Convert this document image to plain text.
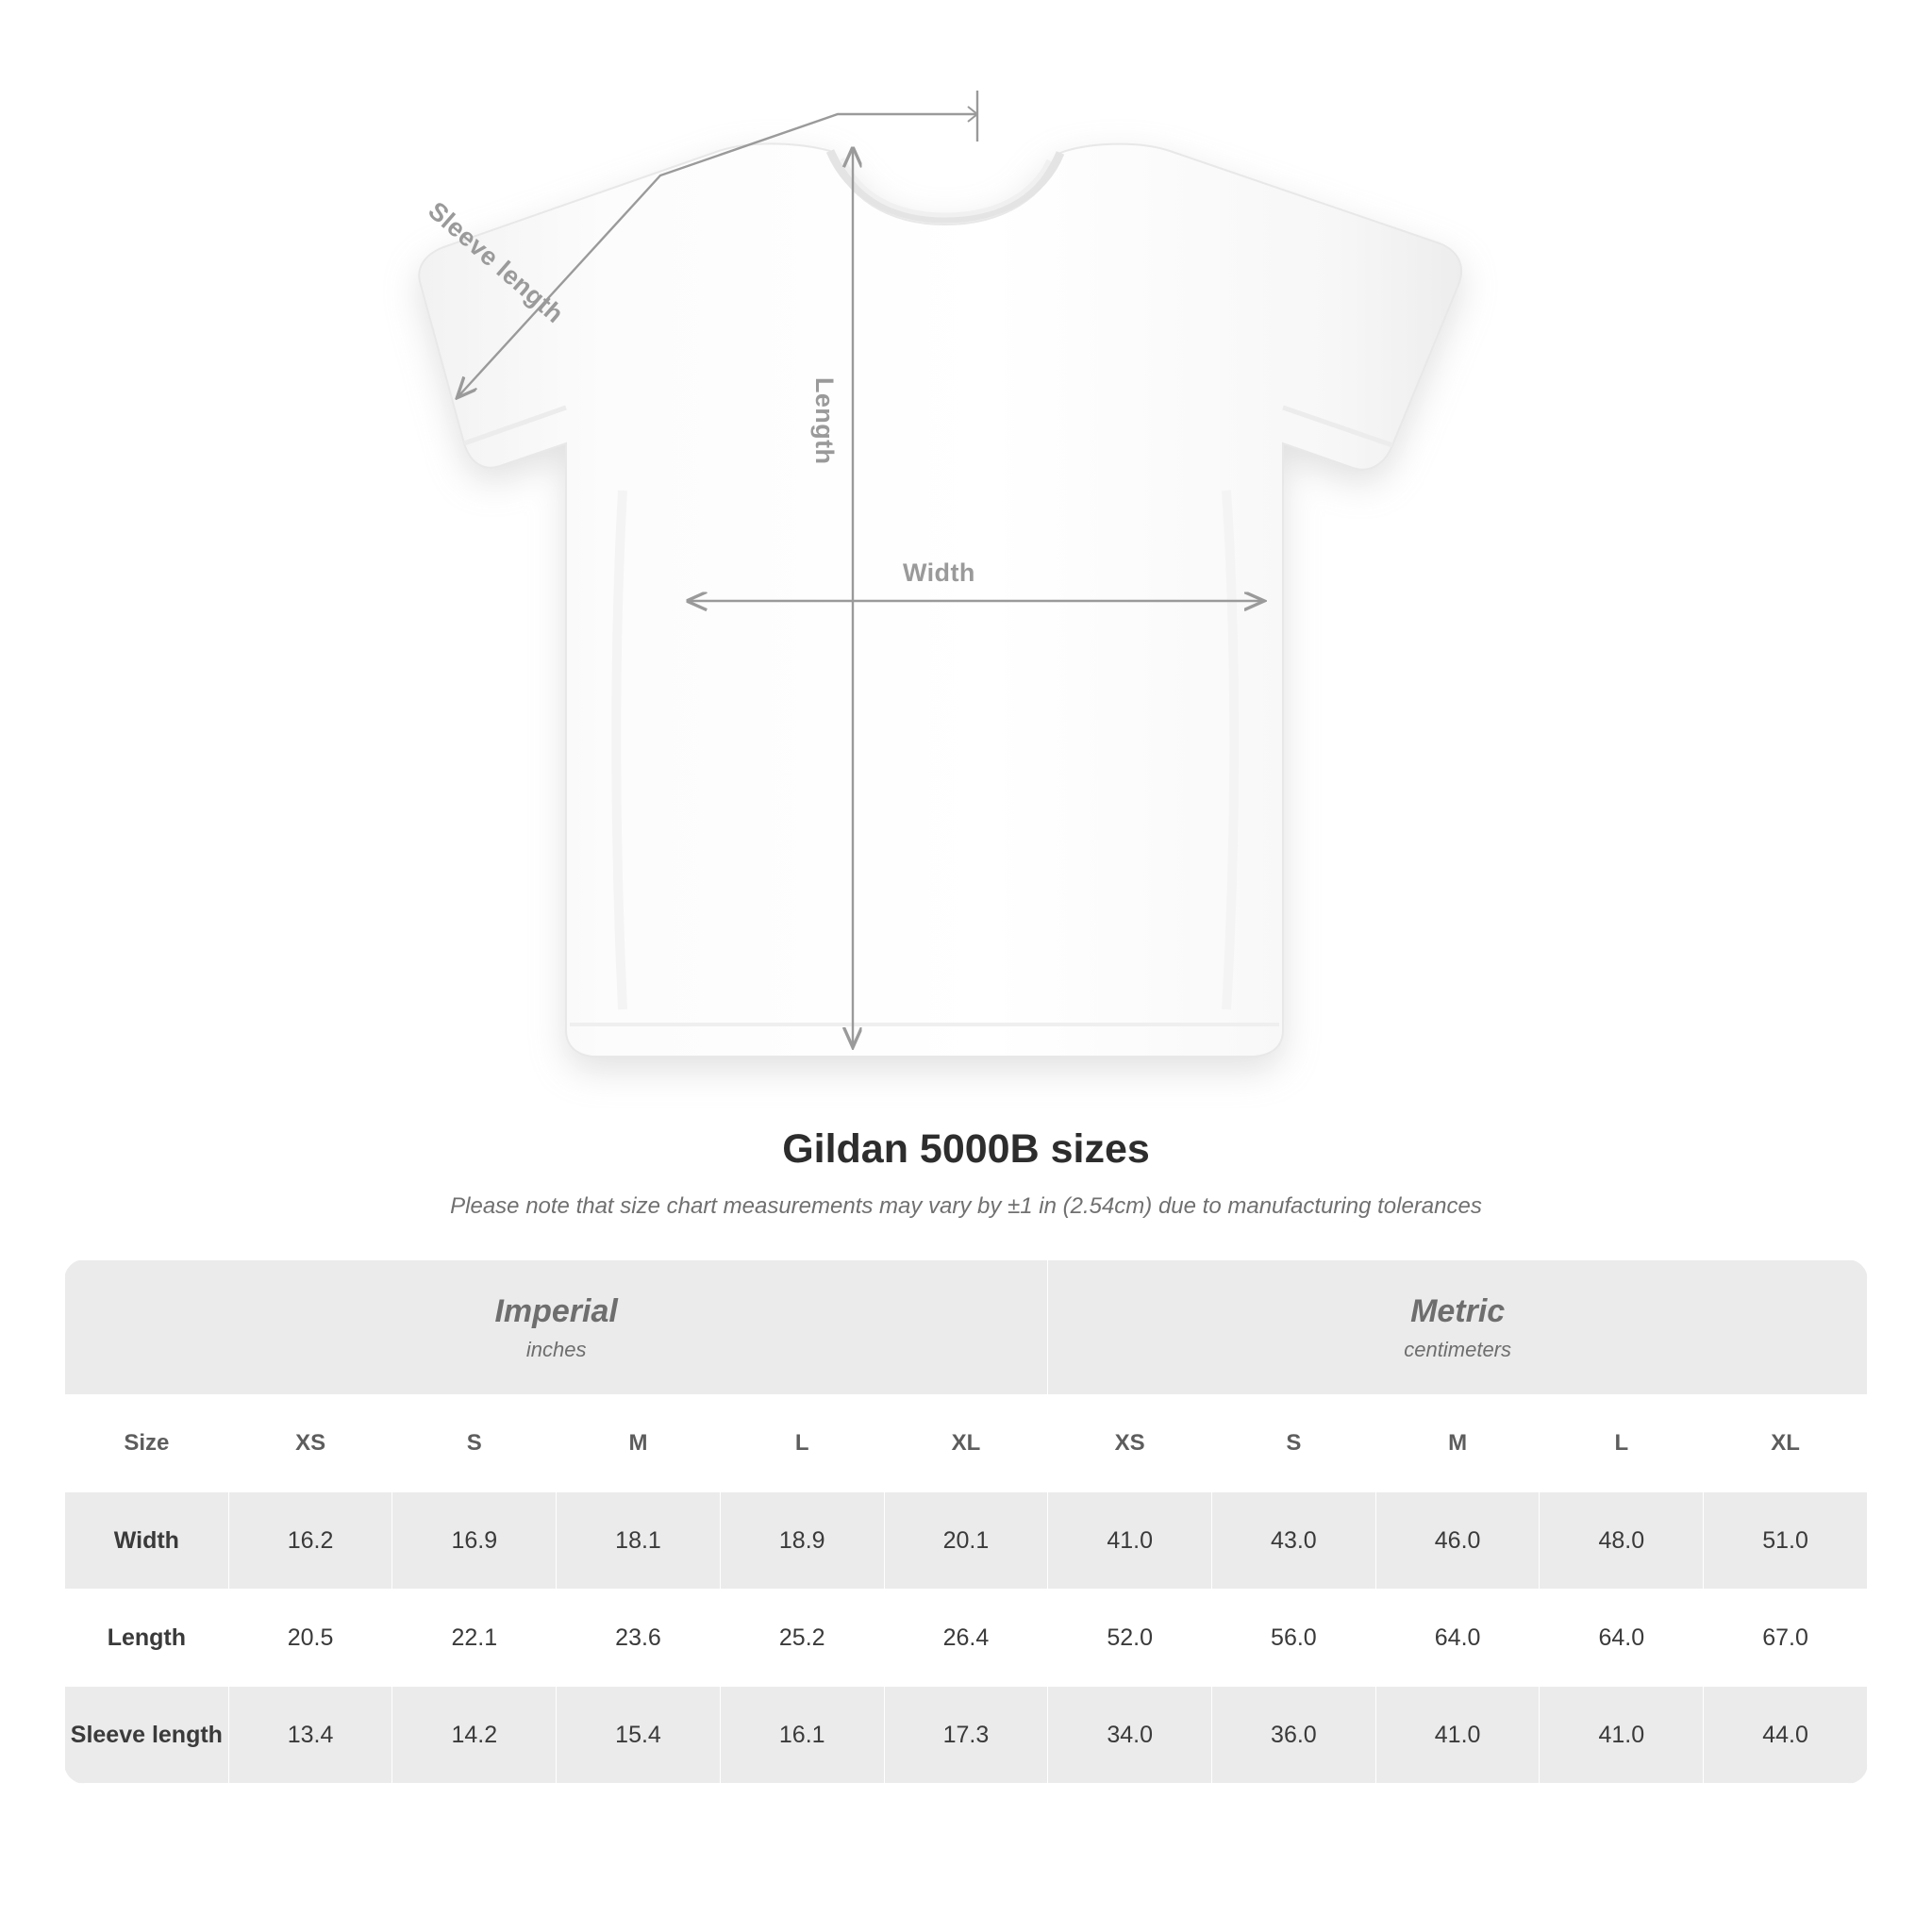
Width
Length
Sleeve length
Gildan 5000B sizes
Please note that size chart measurements may vary by ±1 in (2.54cm) due to manufacturing tolerances
Imperial
inches

Metric
centimeters

Size	XS	S	M	L	XL	XS	S	M	L	XL
Width	16.2	16.9	18.1	18.9	20.1	41.0	43.0	46.0	48.0	51.0
Length	20.5	22.1	23.6	25.2	26.4	52.0	56.0	64.0	64.0	67.0
Sleeve length	13.4	14.2	15.4	16.1	17.3	34.0	36.0	41.0	41.0	44.0
